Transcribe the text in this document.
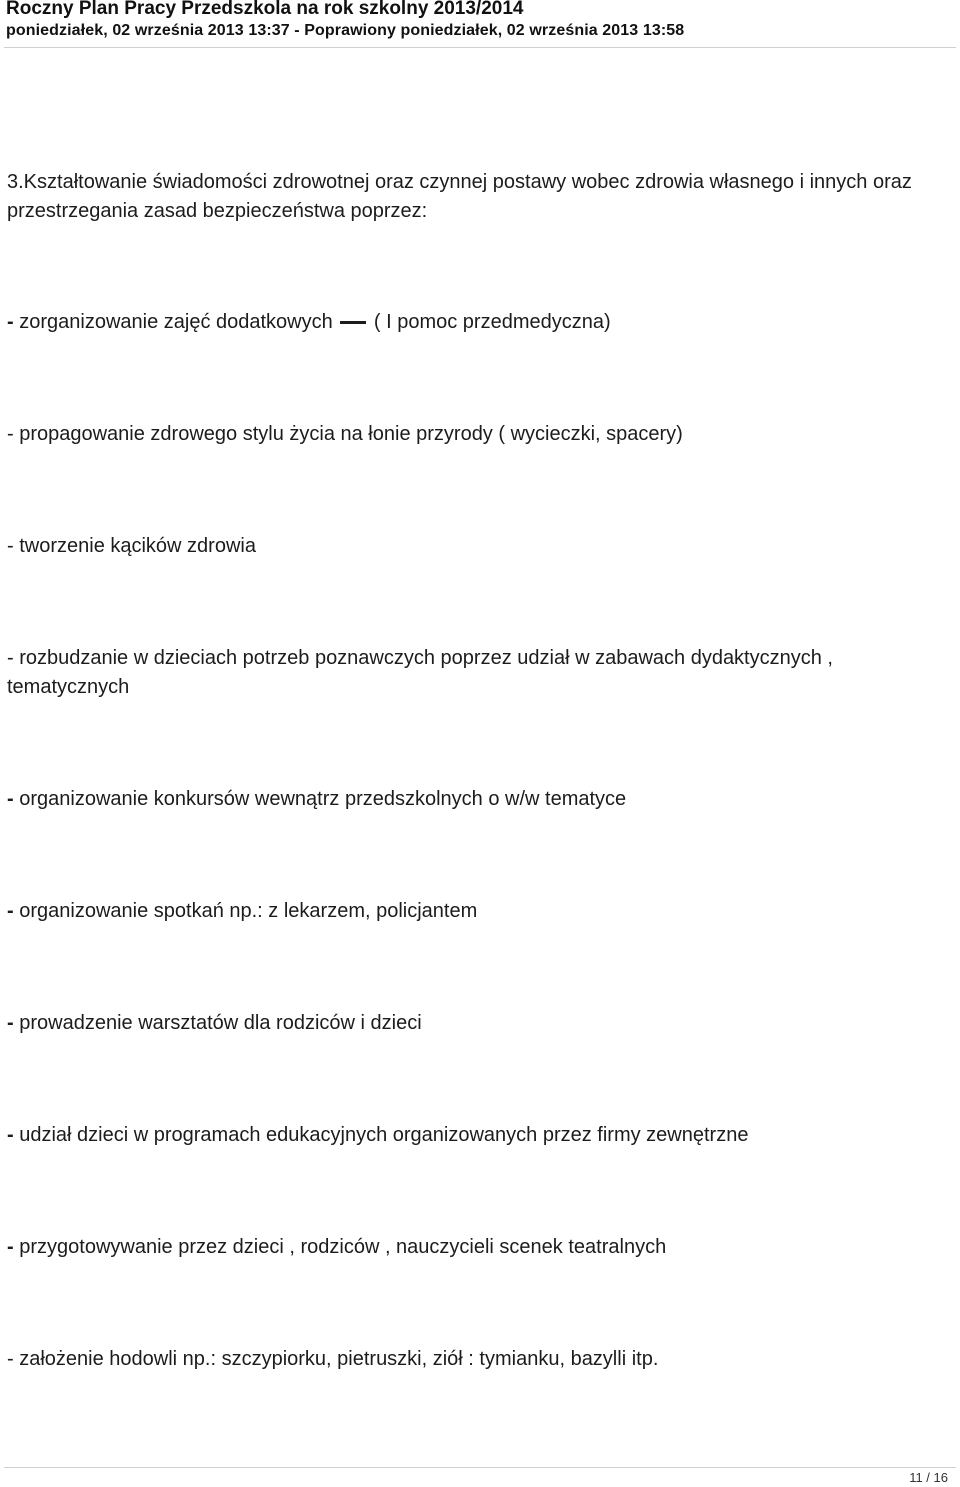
Roczny Plan Pracy Przedszkola na rok szkolny 2013/2014
poniedziałek, 02 września 2013 13:37 - Poprawiony poniedziałek, 02 września 2013 13:58

3.Kształtowanie świadomości zdrowotnej oraz czynnej postawy wobec zdrowia własnego i innych oraz przestrzegania zasad bezpieczeństwa poprzez:

- zorganizowanie zajęć dodatkowych ( I pomoc przedmedyczna)

- propagowanie zdrowego stylu życia na łonie przyrody ( wycieczki, spacery)

- tworzenie kącików zdrowia

- rozbudzanie w dzieciach potrzeb poznawczych poprzez udział w zabawach dydaktycznych , tematycznych

- organizowanie konkursów wewnątrz przedszkolnych o w/w tematyce

- organizowanie spotkań np.: z lekarzem, policjantem

- prowadzenie warsztatów dla rodziców i dzieci

- udział dzieci w programach edukacyjnych organizowanych przez firmy zewnętrzne

- przygotowywanie przez dzieci , rodziców , nauczycieli scenek teatralnych

- założenie hodowli np.: szczypiorku, pietruszki, ziół : tymianku, bazylli itp.

11 / 16
